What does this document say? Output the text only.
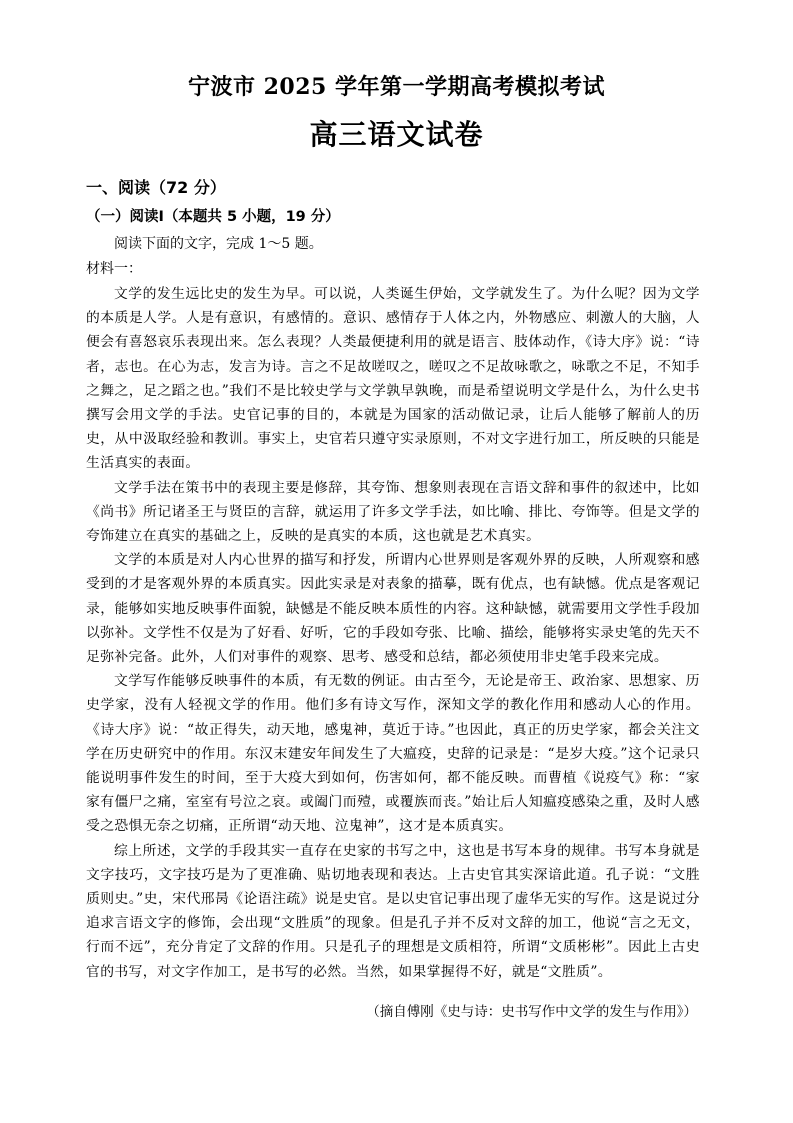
宁波市 2025 学年第一学期高考模拟考试
高三语文试卷
一、阅读（72 分）
（一）阅读Ⅰ（本题共 5 小题，19 分）
阅读下面的文字，完成 1～5 题。
材料一：

文学的发生远比史的发生为早。可以说，人类诞生伊始，文学就发生了。为什么呢？因为文学的本质是人学。人是有意识，有感情的。意识、感情存于人体之内，外物感应、刺激人的大脑，人便会有喜怒哀乐表现出来。怎么表现？人类最便捷利用的就是语言、肢体动作，《诗大序》说：“诗者，志也。在心为志，发言为诗。言之不足故嗟叹之，嗟叹之不足故咏歌之，咏歌之不足，不知手之舞之，足之蹈之也。”我们不是比较史学与文学孰早孰晚，而是希望说明文学是什么，为什么史书撰写会用文学的手法。史官记事的目的，本就是为国家的活动做记录，让后人能够了解前人的历史，从中汲取经验和教训。事实上，史官若只遵守实录原则，不对文字进行加工，所反映的只能是生活真实的表面。

文学手法在策书中的表现主要是修辞，其夸饰、想象则表现在言语文辞和事件的叙述中，比如《尚书》所记诸圣王与贤臣的言辞，就运用了许多文学手法，如比喻、排比、夸饰等。但是文学的夸饰建立在真实的基础之上，反映的是真实的本质，这也就是艺术真实。

文学的本质是对人内心世界的描写和抒发，所谓内心世界则是客观外界的反映，人所观察和感受到的才是客观外界的本质真实。因此实录是对表象的描摹，既有优点，也有缺憾。优点是客观记录，能够如实地反映事件面貌，缺憾是不能反映本质性的内容。这种缺憾，就需要用文学性手段加以弥补。文学性不仅是为了好看、好听，它的手段如夸张、比喻、描绘，能够将实录史笔的先天不足弥补完备。此外，人们对事件的观察、思考、感受和总结，都必须使用非史笔手段来完成。

文学写作能够反映事件的本质，有无数的例证。由古至今，无论是帝王、政治家、思想家、历史学家，没有人轻视文学的作用。他们多有诗文写作，深知文学的教化作用和感动人心的作用。《诗大序》说：“故正得失，动天地，感鬼神，莫近于诗。”也因此，真正的历史学家，都会关注文学在历史研究中的作用。东汉末建安年间发生了大瘟疫，史辞的记录是：“是岁大疫。”这个记录只能说明事件发生的时间，至于大疫大到如何，伤害如何，都不能反映。而曹植《说疫气》称：“家家有僵尸之痛，室室有号泣之哀。或阖门而殪，或覆族而丧。”始让后人知瘟疫感染之重，及时人感受之恐惧无奈之切痛，正所谓“动天地、泣鬼神”，这才是本质真实。

综上所述，文学的手段其实一直存在史家的书写之中，这也是书写本身的规律。书写本身就是文字技巧，文字技巧是为了更准确、贴切地表现和表达。上古史官其实深谙此道。孔子说：“文胜质则史。”史，宋代邢昺《论语注疏》说是史官。是以史官记事出现了虚华无实的写作。这是说过分追求言语文字的修饰，会出现“文胜质”的现象。但是孔子并不反对文辞的加工，他说“言之无文，行而不远”，充分肯定了文辞的作用。只是孔子的理想是文质相符，所谓“文质彬彬”。因此上古史官的书写，对文字作加工，是书写的必然。当然，如果掌握得不好，就是“文胜质”。

（摘自傅刚《史与诗：史书写作中文学的发生与作用》）
